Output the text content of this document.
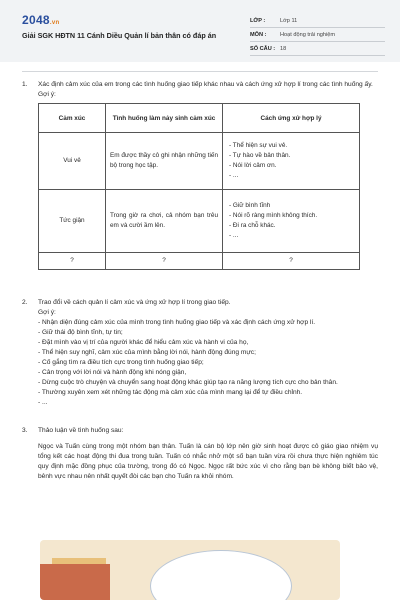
2048.vn
Giải SGK HĐTN 11 Cánh Diều Quản lí bản thân có đáp án
LỚP :	Lớp 11
MÔN :	Hoạt động trải nghiệm
SỐ CÂU : 18
1. Xác định cảm xúc của em trong các tình huống giao tiếp khác nhau và cách ứng xử hợp lí trong các tình huống ấy.
Gợi ý:
Cảm xúc	Tình huống làm nảy sinh cảm xúc	Cách ứng xử hợp lý
Vui vẻ	Em được thầy cô ghi nhận những tiến bộ trong học tập.	- Thể hiện sự vui vẻ.
- Tự hào về bản thân.
- Nói lời cảm ơn.
- ...

Tức giận	Trong giờ ra chơi, cả nhóm bạn trêu em và cười ầm lên.	- Giữ bình tĩnh
- Nói rõ ràng mình không thích.
- Đi ra chỗ khác.
- ...

?	?	?
2. Trao đổi về cách quản lí cảm xúc và ứng xử hợp lí trong giao tiếp.
Gợi ý:
- Nhận diện đúng cảm xúc của mình trong tình huống giao tiếp và xác định cách ứng xử hợp lí.
- Giữ thái độ bình tĩnh, tự tin;
- Đặt mình vào vị trí của người khác để hiểu cảm xúc và hành vi của họ,
- Thể hiện suy nghĩ, cảm xúc của mình bằng lời nói, hành động đúng mực;
- Cố gắng tìm ra điều tích cực trong tình huống giao tiếp;
- Cân trọng với lời nói và hành động khi nóng giận,
- Dừng cuộc trò chuyện và chuyển sang hoạt động khác giúp tạo ra năng lượng tích cực cho bản thân.
- Thường xuyên xem xét những tác động mà cảm xúc của mình mang lại để tự điều chỉnh.
- ...
3. Thảo luận về tình huống sau:
Ngọc và Tuấn cùng trong một nhóm bạn thân. Tuấn là cán bộ lớp nên giờ sinh hoạt được cô giáo giao nhiệm vụ tổng kết các hoạt động thi đua trong tuần. Tuấn có nhắc nhở một số bạn tuần vừa rồi chưa thực hiện nghiêm túc quy định mặc đồng phục của trường, trong đó có Ngọc. Ngọc rất bức xúc vì cho rằng bạn bè không biết bảo vệ, bênh vực nhau nên nhất quyết đòi các bạn cho Tuấn ra khỏi nhóm.
